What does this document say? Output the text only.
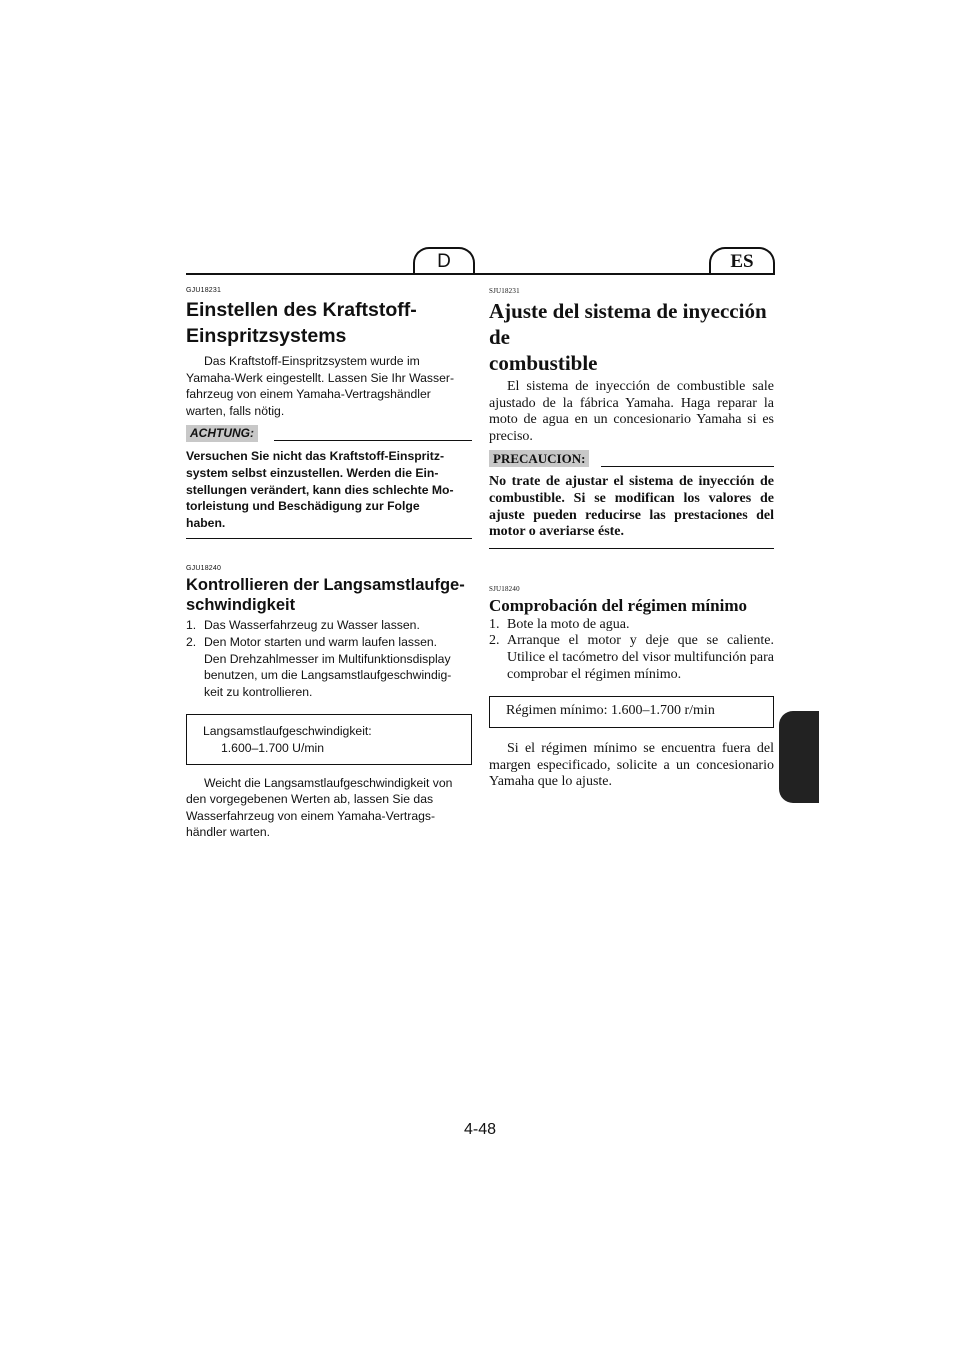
D	ES
GJU18231
Einstellen des Kraftstoff-
Einspritzsystems
Das Kraftstoff-Einspritzsystem wurde im
Yamaha-Werk eingestellt. Lassen Sie Ihr Wasser-
fahrzeug von einem Yamaha-Vertragshändler
warten, falls nötig.
ACHTUNG:
Versuchen Sie nicht das Kraftstoff-Einspritz-
system selbst einzustellen. Werden die Ein-
stellungen verändert, kann dies schlechte Mo-
torleistung und Beschädigung zur Folge
haben.
GJU18240
Kontrollieren der Langsamstlaufge-
schwindigkeit
1. Das Wasserfahrzeug zu Wasser lassen.
2. Den Motor starten und warm laufen lassen.
Den Drehzahlmesser im Multifunktionsdisplay
benutzen, um die Langsamstlaufgeschwindig-
keit zu kontrollieren.
Langsamstlaufgeschwindigkeit:
1.600–1.700 U/min
Weicht die Langsamstlaufgeschwindigkeit von
den vorgegebenen Werten ab, lassen Sie das
Wasserfahrzeug von einem Yamaha-Vertrags-
händler warten.
SJU18231
Ajuste del sistema de inyección de
combustible
El sistema de inyección de combustible sale ajustado de la fábrica Yamaha. Haga reparar la moto de agua en un concesionario Yamaha si es preciso.
PRECAUCION:
No trate de ajustar el sistema de inyección de combustible. Si se modifican los valores de ajuste pueden reducirse las prestaciones del motor o averiarse éste.
SJU18240
Comprobación del régimen mínimo
1. Bote la moto de agua.
2. Arranque el motor y deje que se caliente. Utilice el tacómetro del visor multifunción para comprobar el régimen mínimo.
Régimen mínimo: 1.600–1.700 r/min
Si el régimen mínimo se encuentra fuera del margen especificado, solicite a un concesionario Yamaha que lo ajuste.
4-48
